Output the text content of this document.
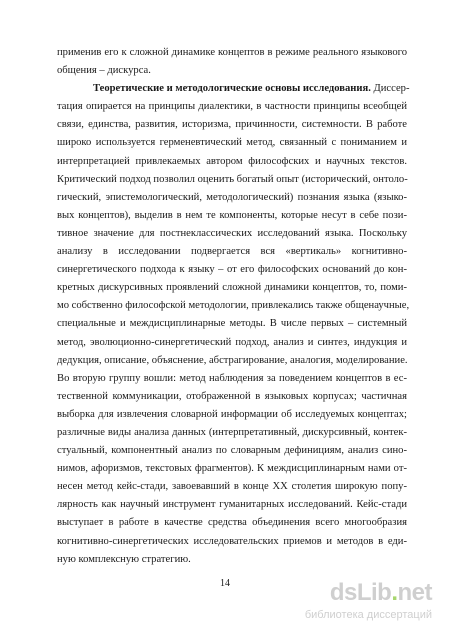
применив его к сложной динамике концептов в режиме реального языкового
общения – дискурса.
Теоретические и методологические основы исследования. Диссер-
тация опирается на принципы диалектики, в частности принципы всеобщей
связи, единства, развития, историзма, причинности, системности. В работе
широко используется герменевтический метод, связанный с пониманием и
интерпретацией привлекаемых автором философских и научных текстов.
Критический подход позволил оценить богатый опыт (исторический, онтоло-
гический, эпистемологический, методологический) познания языка (языко-
вых концептов), выделив в нем те компоненты, которые несут в себе пози-
тивное значение для постнеклассических исследований языка. Поскольку
анализу в исследовании подвергается вся «вертикаль» когнитивно-
синергетического подхода к языку – от его философских оснований до кон-
кретных дискурсивных проявлений сложной динамики концептов, то, поми-
мо собственно философской методологии, привлекались также общенаучные,
специальные и междисциплинарные методы. В числе первых – системный
метод, эволюционно-синергетический подход, анализ и синтез, индукция и
дедукция, описание, объяснение, абстрагирование, аналогия, моделирование.
Во вторую группу вошли: метод наблюдения за поведением концептов в ес-
тественной коммуникации, отображенной в языковых корпусах; частичная
выборка для извлечения словарной информации об исследуемых концептах;
различные виды анализа данных (интерпретативный, дискурсивный, контек-
стуальный, компонентный анализ по словарным дефинициям, анализ сино-
нимов, афоризмов, текстовых фрагментов). К междисциплинарным нами от-
несен метод кейс-стади, завоевавший в конце XX столетия широкую попу-
лярность как научный инструмент гуманитарных исследований. Кейс-стади
выступает в работе в качестве средства объединения всего многообразия
когнитивно-синергетических исследовательских приемов и методов в еди-
ную комплексную стратегию.
14	dsLib.net
библиотека диссертаций
